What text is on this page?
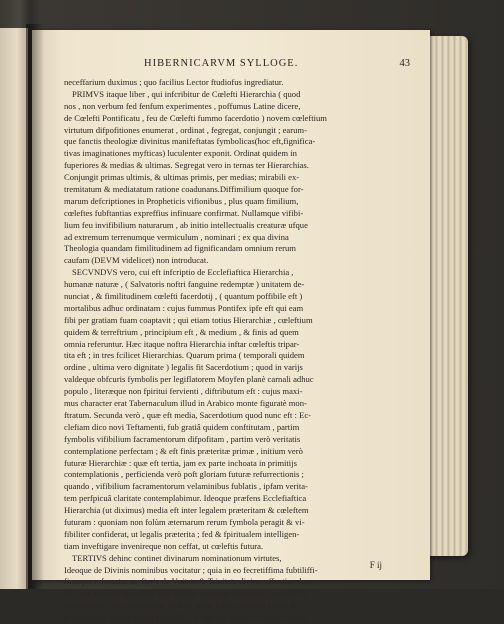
HIBERNICARVM SYLLOGE.	43
neceffarium duximus ; quo facilius Lector ftudiofus ingrediatur.
PRIMVS itaque liber , qui infcribitur de Cœlefti Hierarchia ( quod
nos , non verbum fed fenfum experimentes , poffumus Latine dicere,
de Cœlefti Pontificatu , feu de Cœlefti fummo facerdotio ) novem cœleftium
virtutum difpofitiones enumerat , ordinat , fegregat, conjungit ; earum-
que fanctis theologiæ divinitus manifeftatas fymbolicas(hoc eft,fignifica-
tivas imaginationes myfticas) luculenter exponit. Ordinat quidem in
fuperiores & medias & ultimas. Segregat vero in ternas ter Hierarchias.
Conjungit primas ultimis, & ultimas primis, per medias; mirabili ex-
tremitatum & mediatatum ratione coadunans.Diffimilium quoque for-
marum defcriptiones in Propheticis vifionibus , plus quam fimilium,
cœleftes fubftantias expreffius infinuare confirmat. Nullamque vifibi-
lium feu invifibilium naturarum , ab initio intellectualis creaturæ ufque
ad extremum terrenumque vermiculum , nominari ; ex qua divina
Theologia quandam fimilitudinem ad fignificandam omnium rerum
caufam (DEVM videlicet) non introducat.
SECVNDVS vero, cui eft infcriptio de Ecclefiaftica Hierarchia ,
humanæ naturæ , ( Salvatoris noftri fanguine redemptæ ) unitatem de-
nunciat , & fimilitudinem cœlefti facerdotij , ( quantum poffibile eft )
mortalibus adhuc ordinatam : cujus fummus Pontifex ipfe eft qui eam
fibi per gratiam fuam coaptavit ; qui etiam totius Hierarchiæ , cœleftium
quidem & terreftrium , principium eft , & medium , & finis ad quem
omnia referuntur. Hæc itaque noftra Hierarchia inftar cœleftis tripar-
tita eft ; in tres fcilicet Hierarchias. Quarum prima ( temporali quidem
ordine , ultima vero dignitate ) legalis fit Sacerdotium ; quod in varijs
valdeque obfcuris fymbolis per legiflatorem Moyfen planè carnali adhuc
populo , literæque non fpiritui fervienti , diftributum eft : cujus maxi-
mus character erat Tabernaculum illud in Arabico monte figuratè mon-
ftratum. Secunda verò , quæ eft media, Sacerdotium quod nunc eft : Ec-
clefiam dico novi Teftamenti, fub gratiâ quidem conftitutam , partim
fymbolis vifibilium facramentorum difpofitam , partim verò veritatis
contemplatione perfectam ; & eft finis præteritæ primæ , initium verò
futuræ Hierarchiæ : quæ eft tertia, jam ex parte inchoata in primitijs
contemplationis , perficienda verò poft gloriam futuræ refurrectionis ;
quando , vifibilium facramentorum velaminibus fublatis , ipfam verita-
tem perfpicuâ claritate contemplabimur. Ideoque præfens Ecclefiaftica
Hierarchia (ut diximus) media eft inter legalem præteritam & cœleftem
futuram : quoniam non folùm æternarum rerum fymbola peragit & vi-
fibiliter confiderat, ut legalis præterita ; fed & fpiritualem intelligen-
tiam inveftigare invenireque non ceffat, ut cœleftis futura.
TERTIVS dehinc continet divinarum nominationum virtutes,
Ideoque de Divinis nominibus vocitatur ; quia in eo fecretiffima fubtiliffi-
fimaque referantur myfteria de Vnitate & Trinitate divinæ effentiæ : hoc
eft, quæ nomina difcretam quæ unitam infinuant Deitatem ; quæ per fe
Inhumanato Filio conveniunt. quæ fit unius folius omnium caufæ in
primordiales caufas prima proceffio , ac per eas iterùm à fummo ufque
F ij
